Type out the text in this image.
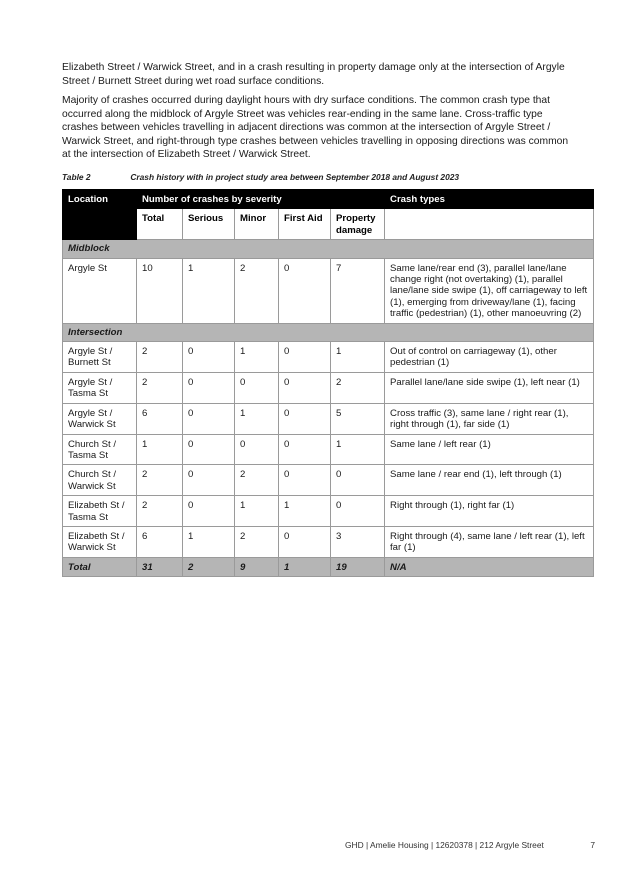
Elizabeth Street / Warwick Street, and in a crash resulting in property damage only at the intersection of Argyle Street / Burnett Street during wet road surface conditions.

Majority of crashes occurred during daylight hours with dry surface conditions. The common crash type that occurred along the midblock of Argyle Street was vehicles rear-ending in the same lane. Cross-traffic type crashes between vehicles travelling in adjacent directions was common at the intersection of Argyle Street / Warwick Street, and right-through type crashes between vehicles travelling in opposing directions was common at the intersection of Elizabeth Street / Warwick Street.

Table 2	Crash history with in project study area between September 2018 and August 2023
Location	Number of crashes by severity					Crash types
	Total	Serious	Minor	First Aid	Property damage	
Midblock						
Argyle St	10	1	2	0	7	Same lane/rear end (3), parallel lane/lane change right (not overtaking) (1), parallel lane/lane side swipe (1), off carriageway to left (1), emerging from driveway/lane (1), facing traffic (pedestrian) (1), other manoeuvring (2)
Intersection						
Argyle St / Burnett St	2	0	1	0	1	Out of control on carriageway (1), other pedestrian (1)
Argyle St / Tasma St	2	0	0	0	2	Parallel lane/lane side swipe (1), left near (1)
Argyle St / Warwick St	6	0	1	0	5	Cross traffic (3), same lane / right rear (1), right through (1), far side (1)
Church St / Tasma St	1	0	0	0	1	Same lane / left rear (1)
Church St / Warwick St	2	0	2	0	0	Same lane / rear end (1), left through (1)
Elizabeth St / Tasma St	2	0	1	1	0	Right through (1), right far (1)
Elizabeth St / Warwick St	6	1	2	0	3	Right through (4), same lane / left rear (1), left far (1)
Total	31	2	9	1	19	N/A
GHD | Amelie Housing | 12620378 | 212 Argyle Street	7
